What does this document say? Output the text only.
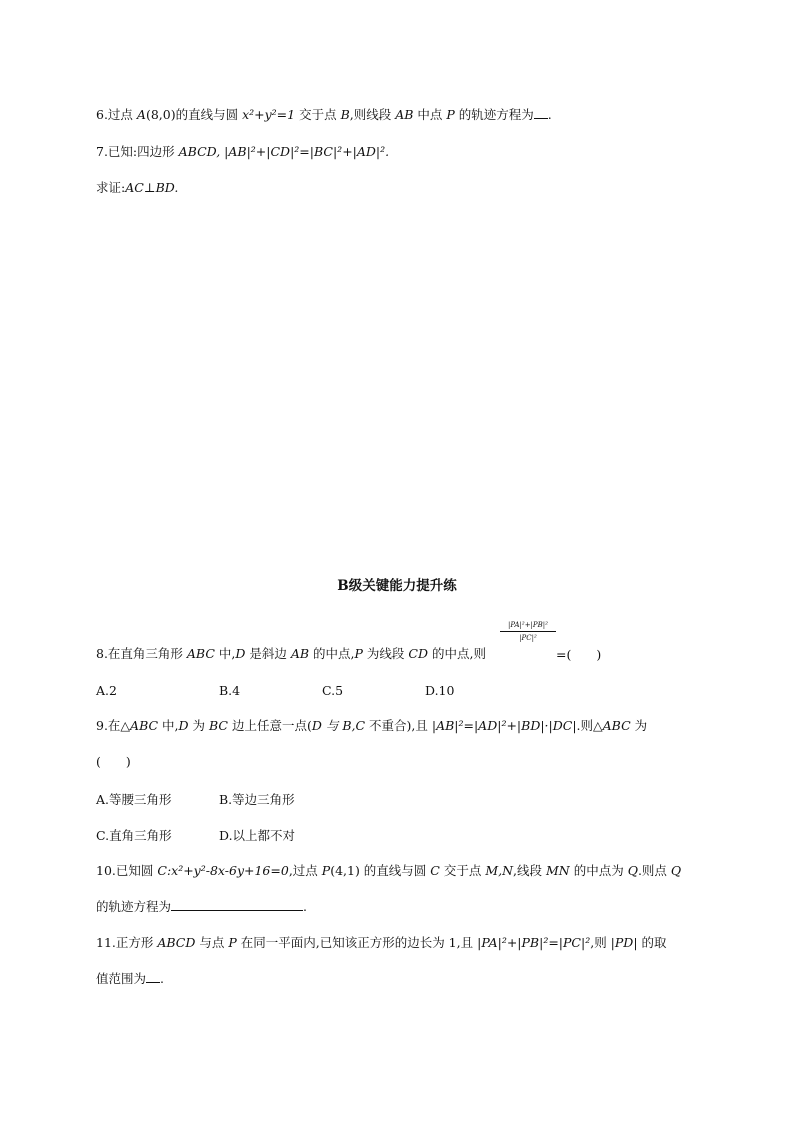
6.过点 A(8,0)的直线与圆 x²+y²=1 交于点 B,则线段 AB 中点 P 的轨迹方程为 .
7.已知:四边形 ABCD, |AB|²+|CD|²=|BC|²+|AD|².
求证:AC⊥BD.
B级关键能力提升练
|PA|²+|PB|²
|PC|²
8.在直角三角形 ABC 中,D 是斜边 AB 的中点,P 为线段 CD 的中点,则	=(　　)
A.2	B.4	C.5	D.10
9.在△ABC 中,D 为 BC 边上任意一点(D 与 B,C 不重合),且 |AB|²=|AD|²+|BD|·|DC|.则△ABC 为
(　　)
A.等腰三角形	B.等边三角形
C.直角三角形	D.以上都不对
10.已知圆 C:x²+y²-8x-6y+16=0,过点 P(4,1) 的直线与圆 C 交于点 M,N,线段 MN 的中点为 Q.则点 Q
的轨迹方程为	.
11.正方形 ABCD 与点 P 在同一平面内,已知该正方形的边长为 1,且 |PA|²+|PB|²=|PC|²,则 |PD| 的取
值范围为 .
